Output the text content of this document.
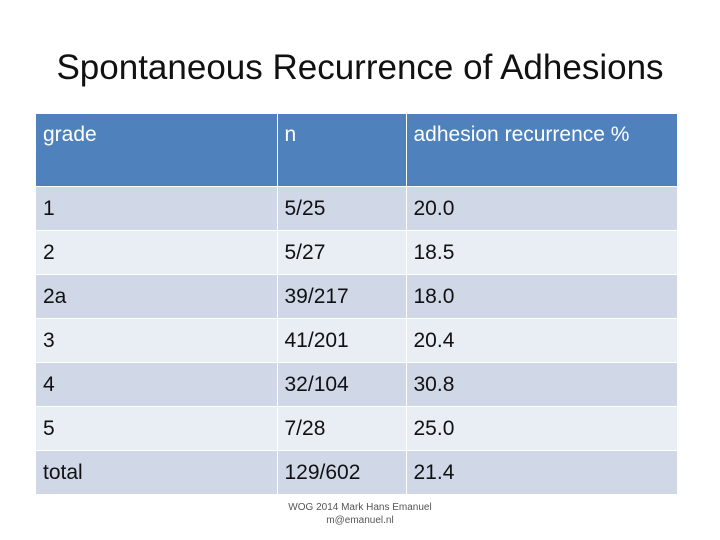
Spontaneous Recurrence of Adhesions
grade	n	adhesion recurrence %
1	5/25	20.0
2	5/27	18.5
2a	39/217	18.0
3	41/201	20.4
4	32/104	30.8
5	7/28	25.0
total	129/602	21.4
WOG 2014 Mark Hans Emanuel
m@emanuel.nl
